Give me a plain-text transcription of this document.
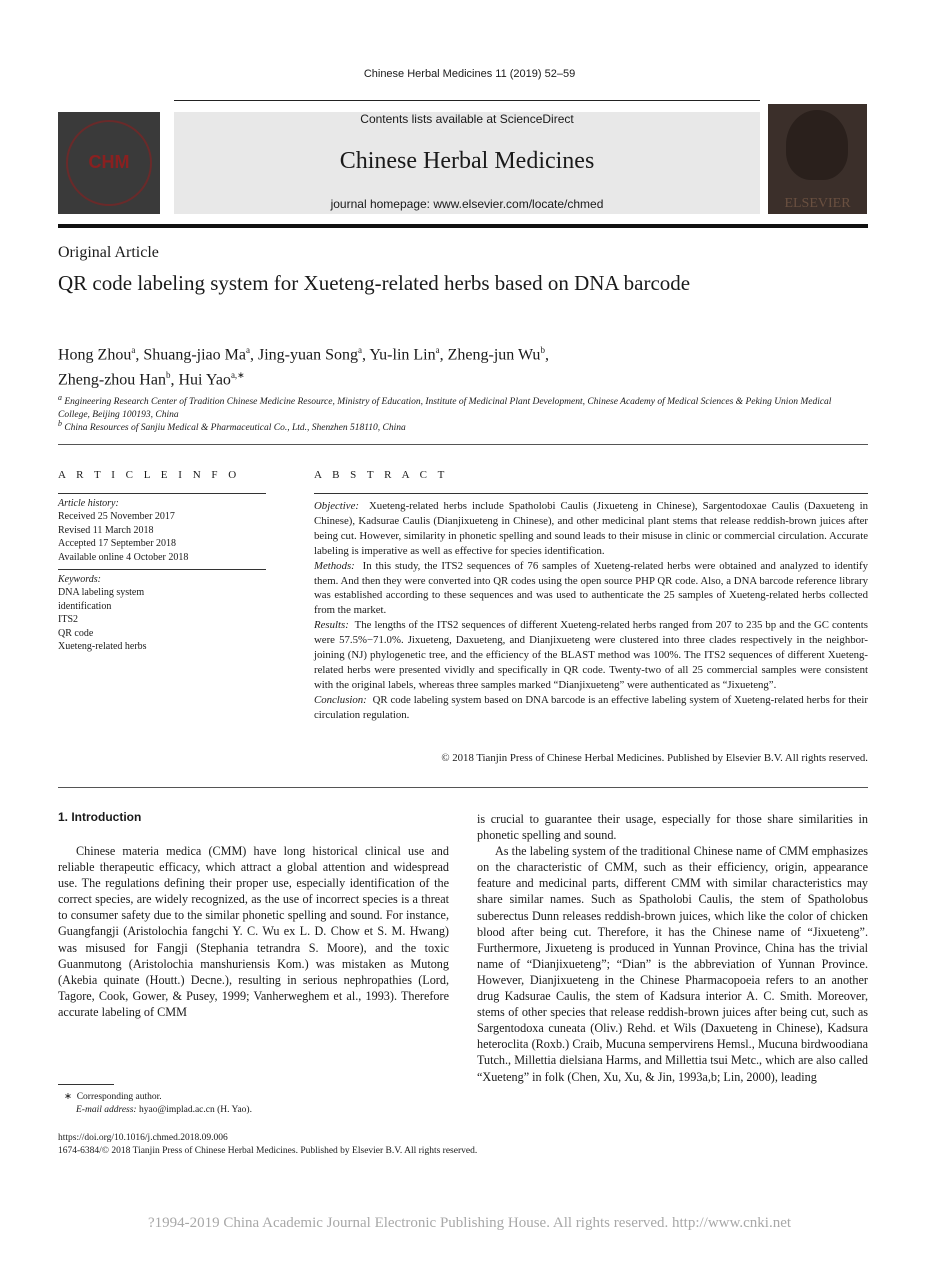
Chinese Herbal Medicines 11 (2019) 52–59
CHM
Contents lists available at ScienceDirect
Chinese Herbal Medicines
journal homepage: www.elsevier.com/locate/chmed	ELSEVIER
Original Article
QR code labeling system for Xueteng-related herbs based on DNA barcode
Hong Zhou$^a$, Shuang-jiao Ma$^a$, Jing-yuan Song$^a$, Yu-lin Lin$^a$, Zheng-jun Wu$^b$,
Zheng-zhou Han$^b$, Hui Yao$^{a,∗}$
$^a$ Engineering Research Center of Tradition Chinese Medicine Resource, Ministry of Education, Institute of Medicinal Plant Development, Chinese Academy of Medical Sciences & Peking Union Medical College, Beijing 100193, China
$^b$ China Resources of Sanjiu Medical & Pharmaceutical Co., Ltd., Shenzhen 518110, China
A R T I C L E I N F O	A B S T R A C T
Article history:
Received 25 November 2017
Revised 11 March 2018
Accepted 17 September 2018
Available online 4 October 2018
Keywords:
DNA labeling system
identification
ITS2
QR code
Xueteng-related herbs
Objective: Xueteng-related herbs include Spatholobi Caulis (Jixueteng in Chinese), Sargentodoxae Caulis (Daxueteng in Chinese), Kadsurae Caulis (Dianjixueteng in Chinese), and other medicinal plant stems that release reddish-brown juices after being cut. However, similarity in phonetic spelling and sound leads to their misuse in clinic or commercial circulation. Accurate labeling is imperative as well as effective for species identification.
Methods: In this study, the ITS2 sequences of 76 samples of Xueteng-related herbs were obtained and analyzed to identify them. And then they were converted into QR codes using the open source PHP QR code. Also, a DNA barcode reference library was established according to these sequences and was used to authenticate the 25 samples of Xueteng-related herbs collected from the market.
Results: The lengths of the ITS2 sequences of different Xueteng-related herbs ranged from 207 to 235 bp and the GC contents were 57.5%−71.0%. Jixueteng, Daxueteng, and Dianjixueteng were clustered into three clades respectively in the neighbor-joining (NJ) phylogenetic tree, and the efficiency of the BLAST method was 100%. The ITS2 sequences of different Xueteng-related herbs were presented vividly and specifically in QR code. Twenty-two of all 25 commercial samples were consistent with the original labels, whereas three samples marked “Dianjixueteng” were authenticated as “Jixueteng”.
Conclusion: QR code labeling system based on DNA barcode is an effective labeling system of Xueteng-related herbs for their circulation regulation.
© 2018 Tianjin Press of Chinese Herbal Medicines. Published by Elsevier B.V. All rights reserved.
1. Introduction

Chinese materia medica (CMM) have long historical clinical use and reliable therapeutic efficacy, which attract a global attention and widespread use. The regulations defining their proper use, especially identification of the correct species, are widely recognized, as the use of incorrect species is a threat to consumer safety due to the similar phonetic spelling and sound. For instance, Guangfangji (Aristolochia fangchi Y. C. Wu ex L. D. Chow et S. M. Hwang) was misused for Fangji (Stephania tetrandra S. Moore), and the toxic Guanmutong (Aristolochia manshuriensis Kom.) was mistaken as Mutong (Akebia quinate (Houtt.) Decne.), resulting in serious nephropathies (Lord, Tagore, Cook, Gower, & Pusey, 1999; Vanherweghem et al., 1993). Therefore accurate labeling of CMM

is crucial to guarantee their usage, especially for those share similarities in phonetic spelling and sound.

As the labeling system of the traditional Chinese name of CMM emphasizes on the characteristic of CMM, such as their efficiency, origin, appearance feature and medicinal parts, different CMM with similar characteristics may share similar names. Such as Spatholobi Caulis, the stem of Spatholobus suberectus Dunn releases reddish-brown juices, which like the color of chicken blood after being cut. Therefore, it has the Chinese name of “Jixueteng”. Furthermore, Jixueteng is produced in Yunnan Province, China has the trivial name of “Dianjixueteng”; “Dian” is the abbreviation of Yunnan Province. However, Dianjixueteng in the Chinese Pharmacopoeia refers to an another drug Kadsurae Caulis, the stem of Kadsura interior A. C. Smith. Moreover, stems of other species that release reddish-brown juices after being cut, such as Sargentodoxa cuneata (Oliv.) Rehd. et Wils (Daxueteng in Chinese), Kadsura heteroclita (Roxb.) Craib, Mucuna sempervirens Hemsl., Mucuna birdwoodiana Tutch., Millettia dielsiana Harms, and Millettia tsui Metc., which are also called “Xueteng” in folk (Chen, Xu, Xu, & Jin, 1993a,b; Lin, 2000), leading

∗ Corresponding author.
E-mail address: hyao@implad.ac.cn (H. Yao).
https://doi.org/10.1016/j.chmed.2018.09.006
1674-6384/© 2018 Tianjin Press of Chinese Herbal Medicines. Published by Elsevier B.V. All rights reserved.
?1994-2019 China Academic Journal Electronic Publishing House. All rights reserved. http://www.cnki.net
